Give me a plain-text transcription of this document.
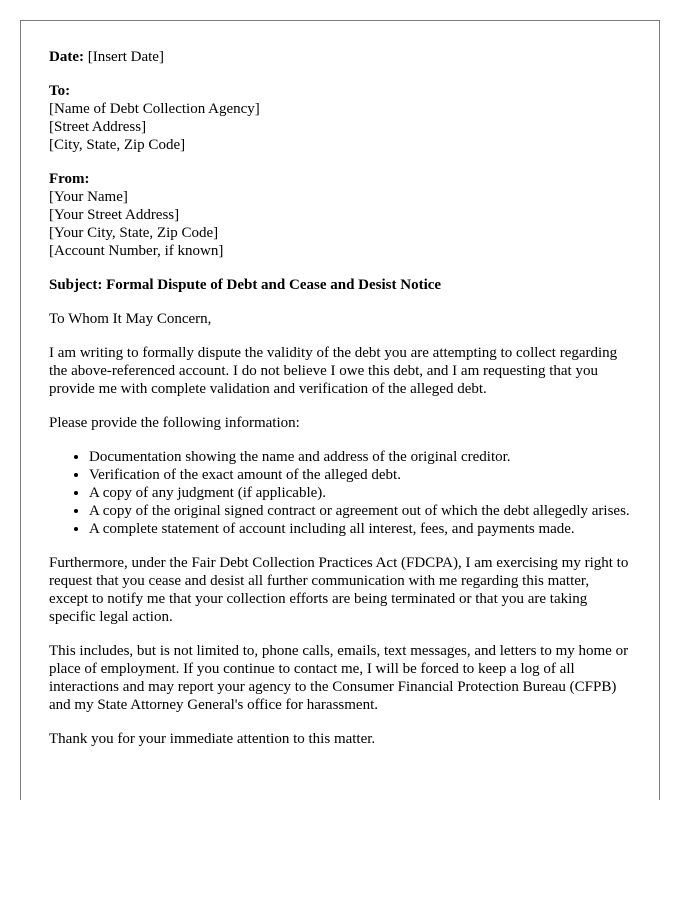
Date: [Insert Date]

To:
[Name of Debt Collection Agency]
[Street Address]
[City, State, Zip Code]

From:
[Your Name]
[Your Street Address]
[Your City, State, Zip Code]
[Account Number, if known]

Subject: Formal Dispute of Debt and Cease and Desist Notice

To Whom It May Concern,

I am writing to formally dispute the validity of the debt you are attempting to collect regarding the above-referenced account. I do not believe I owe this debt, and I am requesting that you provide me with complete validation and verification of the alleged debt.

Please provide the following information:

• Documentation showing the name and address of the original creditor.
• Verification of the exact amount of the alleged debt.
• A copy of any judgment (if applicable).
• A copy of the original signed contract or agreement out of which the debt allegedly arises.
• A complete statement of account including all interest, fees, and payments made.

Furthermore, under the Fair Debt Collection Practices Act (FDCPA), I am exercising my right to request that you cease and desist all further communication with me regarding this matter, except to notify me that your collection efforts are being terminated or that you are taking specific legal action.

This includes, but is not limited to, phone calls, emails, text messages, and letters to my home or place of employment. If you continue to contact me, I will be forced to keep a log of all interactions and may report your agency to the Consumer Financial Protection Bureau (CFPB) and my State Attorney General's office for harassment.

Thank you for your immediate attention to this matter.
